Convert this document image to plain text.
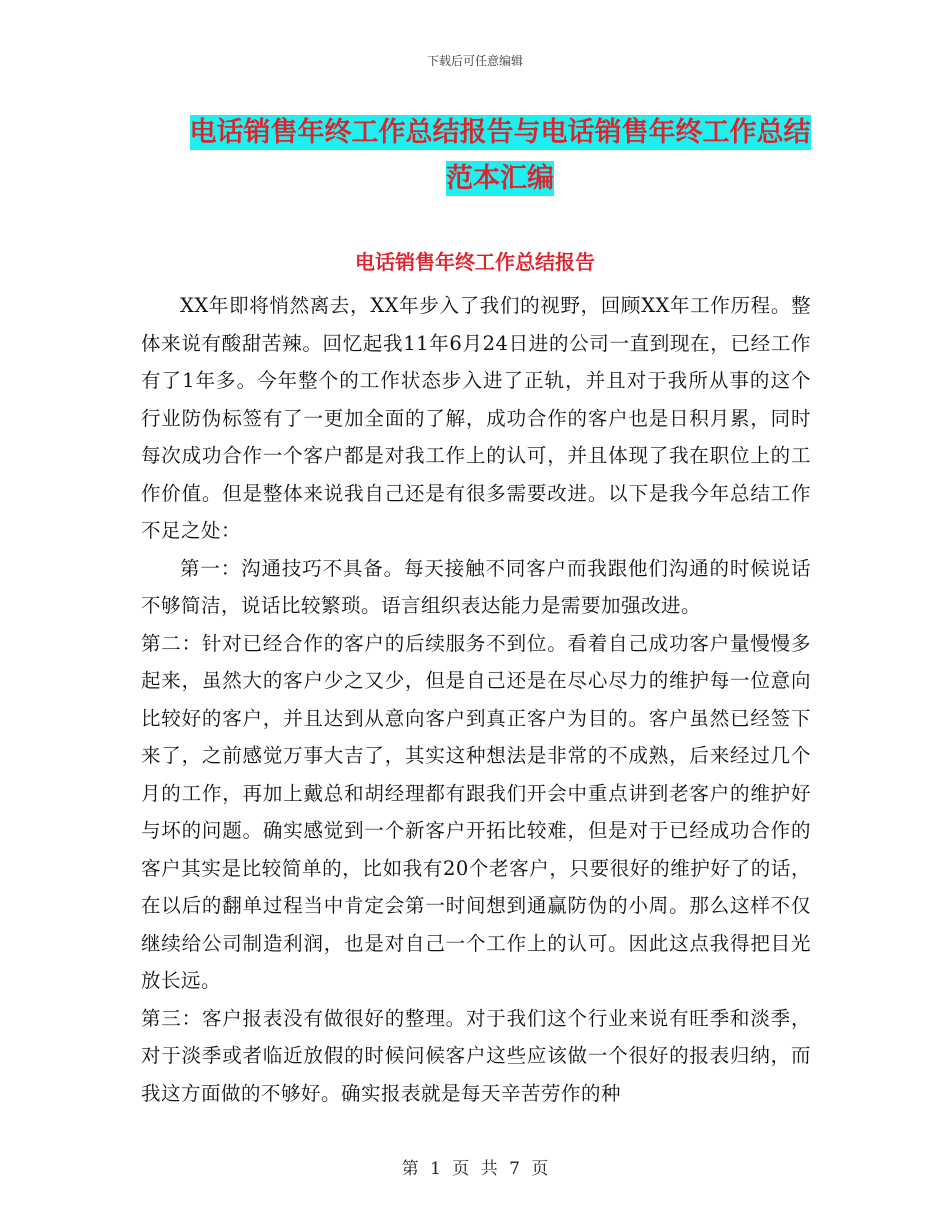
下载后可任意编辑
电话销售年终工作总结报告与电话销售年终工作总结
范本汇编
电话销售年终工作总结报告

XX年即将悄然离去，XX年步入了我们的视野，回顾XX年工作历程。整体来说有酸甜苦辣。回忆起我11年6月24日进的公司一直到现在，已经工作有了1年多。今年整个的工作状态步入进了正轨，并且对于我所从事的这个行业防伪标签有了一更加全面的了解，成功合作的客户也是日积月累，同时每次成功合作一个客户都是对我工作上的认可，并且体现了我在职位上的工作价值。但是整体来说我自己还是有很多需要改进。以下是我今年总结工作不足之处：

第一：沟通技巧不具备。每天接触不同客户而我跟他们沟通的时候说话不够简洁，说话比较繁琐。语言组织表达能力是需要加强改进。

第二：针对已经合作的客户的后续服务不到位。看着自己成功客户量慢慢多起来，虽然大的客户少之又少，但是自己还是在尽心尽力的维护每一位意向比较好的客户，并且达到从意向客户到真正客户为目的。客户虽然已经签下来了，之前感觉万事大吉了，其实这种想法是非常的不成熟，后来经过几个月的工作，再加上戴总和胡经理都有跟我们开会中重点讲到老客户的维护好与坏的问题。确实感觉到一个新客户开拓比较难，但是对于已经成功合作的客户其实是比较简单的，比如我有20个老客户，只要很好的维护好了的话，在以后的翻单过程当中肯定会第一时间想到通赢防伪的小周。那么这样不仅继续给公司制造利润，也是对自己一个工作上的认可。因此这点我得把目光放长远。

第三：客户报表没有做很好的整理。对于我们这个行业来说有旺季和淡季，对于淡季或者临近放假的时候问候客户这些应该做一个很好的报表归纳，而我这方面做的不够好。确实报表就是每天辛苦劳作的种

第 1 页 共 7 页
